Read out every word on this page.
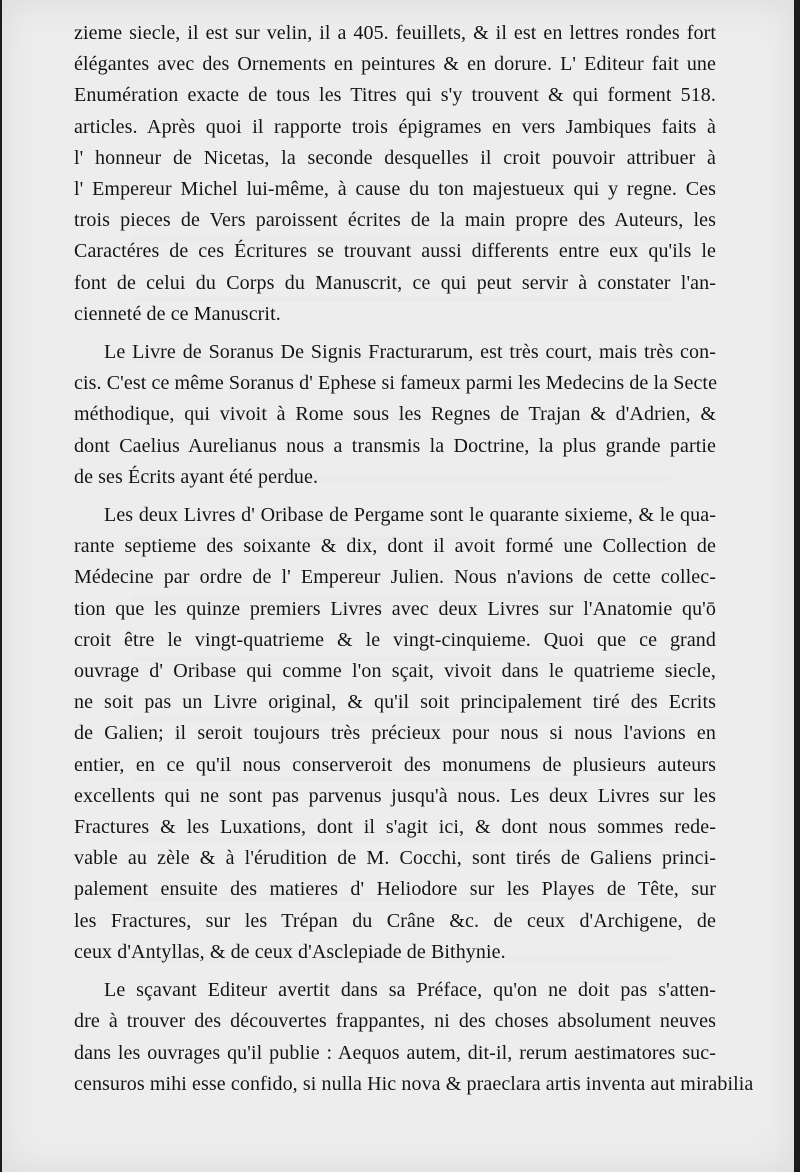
zieme siecle, il est sur velin, il a 405. feuillets, & il est en lettres rondes fort
élégantes avec des Ornements en peintures & en dorure. L' Editeur fait une
Enumération exacte de tous les Titres qui s'y trouvent & qui forment 518.
articles. Après quoi il rapporte trois épigrames en vers Jambiques faits à
l' honneur de Nicetas, la seconde desquelles il croit pouvoir attribuer à
l' Empereur Michel lui-même, à cause du ton majestueux qui y regne. Ces
trois pieces de Vers paroissent écrites de la main propre des Auteurs, les
Caractéres de ces Écritures se trouvant aussi differents entre eux qu'ils le
font de celui du Corps du Manuscrit, ce qui peut servir à constater l'an-
cienneté de ce Manuscrit.
Le Livre de Soranus De Signis Fracturarum, est très court, mais très con-
cis. C'est ce même Soranus d' Ephese si fameux parmi les Medecins de la Secte
méthodique, qui vivoit à Rome sous les Regnes de Trajan & d'Adrien, &
dont Caelius Aurelianus nous a transmis la Doctrine, la plus grande partie
de ses Écrits ayant été perdue.
Les deux Livres d' Oribase de Pergame sont le quarante sixieme, & le qua-
rante septieme des soixante & dix, dont il avoit formé une Collection de
Médecine par ordre de l' Empereur Julien. Nous n'avions de cette collec-
tion que les quinze premiers Livres avec deux Livres sur l'Anatomie qu'ō
croit être le vingt-quatrieme & le vingt-cinquieme. Quoi que ce grand
ouvrage d' Oribase qui comme l'on sçait, vivoit dans le quatrieme siecle,
ne soit pas un Livre original, & qu'il soit principalement tiré des Ecrits
de Galien; il seroit toujours très précieux pour nous si nous l'avions en
entier, en ce qu'il nous conserveroit des monumens de plusieurs auteurs
excellents qui ne sont pas parvenus jusqu'à nous. Les deux Livres sur les
Fractures & les Luxations, dont il s'agit ici, & dont nous sommes rede-
vable au zèle & à l'érudition de M. Cocchi, sont tirés de Galiens princi-
palement ensuite des matieres d' Heliodore sur les Playes de Tête, sur
les Fractures, sur les Trépan du Crâne &c. de ceux d'Archigene, de
ceux d'Antyllas, & de ceux d'Asclepiade de Bithynie.
Le sçavant Editeur avertit dans sa Préface, qu'on ne doit pas s'atten-
dre à trouver des découvertes frappantes, ni des choses absolument neuves
dans les ouvrages qu'il publie : Aequos autem, dit-il, rerum aestimatores suc-
censuros mihi esse confido, si nulla Hic nova & praeclara artis inventa aut mirabilia
